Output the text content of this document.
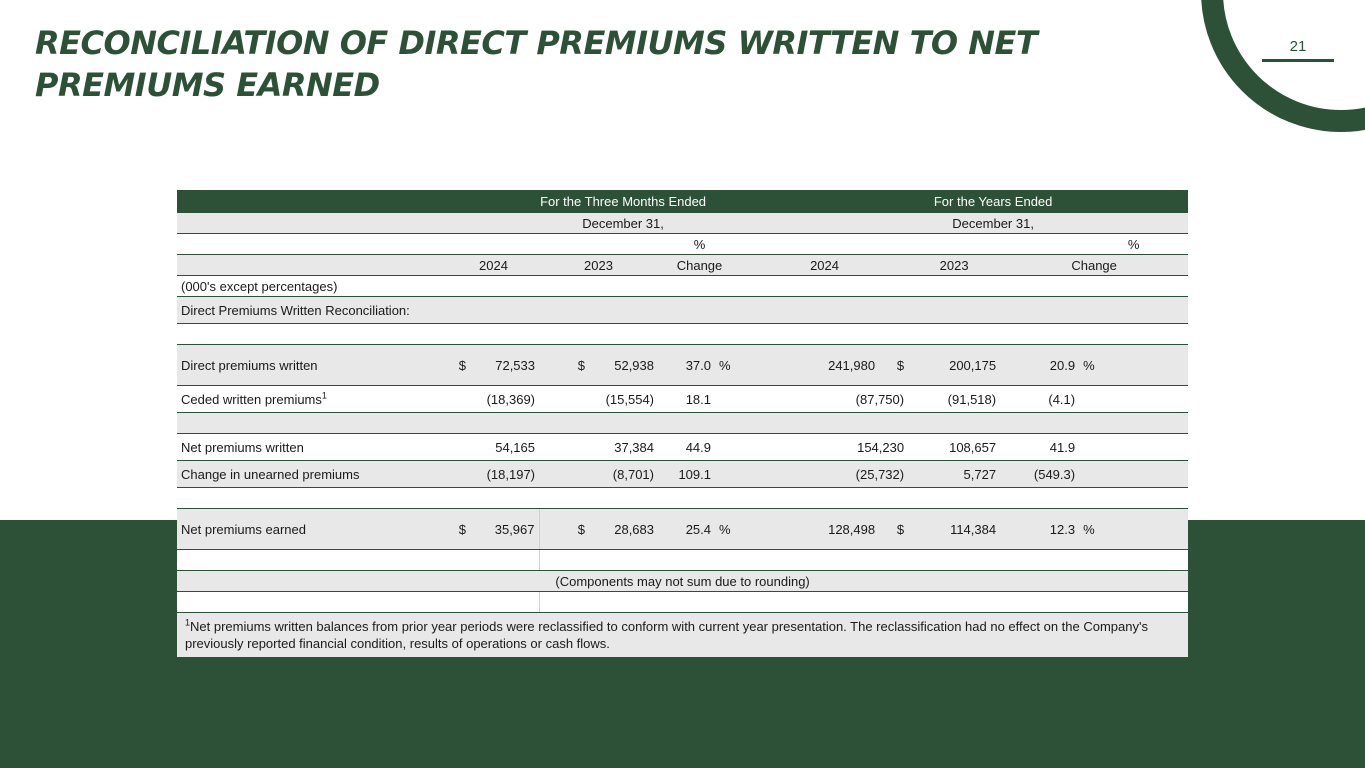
RECONCILIATION OF DIRECT PREMIUMS WRITTEN TO NET PREMIUMS EARNED
21
	For the Three Months Ended							For the Years Ended					
	December 31,							December 31,					
					%							%	
	2024		2023		Change		2024			2023	Change		
(000's except percentages)													
Direct Premiums Written Reconciliation:													

Direct premiums written	$	72,533	$	52,938	37.0	%		241,980	$	200,175	20.9	%	
Ceded written premiums$^1$	(18,369)		(15,554)		18.1			(87,750)		(91,518)	(4.1)		

Net premiums written	54,165		37,384		44.9			154,230		108,657	41.9		
Change in unearned premiums	(18,197)		(8,701)		109.1			(25,732)		5,727	(549.3)		

Net premiums earned	$	35,967	$	28,683	25.4	%		128,498	$	114,384	12.3	%	

(Components may not sum due to rounding)													

$^1$Net premiums written balances from prior year periods were reclassified to conform with current year presentation. The reclassification had no effect on the Company's previously reported financial condition, results of operations or cash flows.													
